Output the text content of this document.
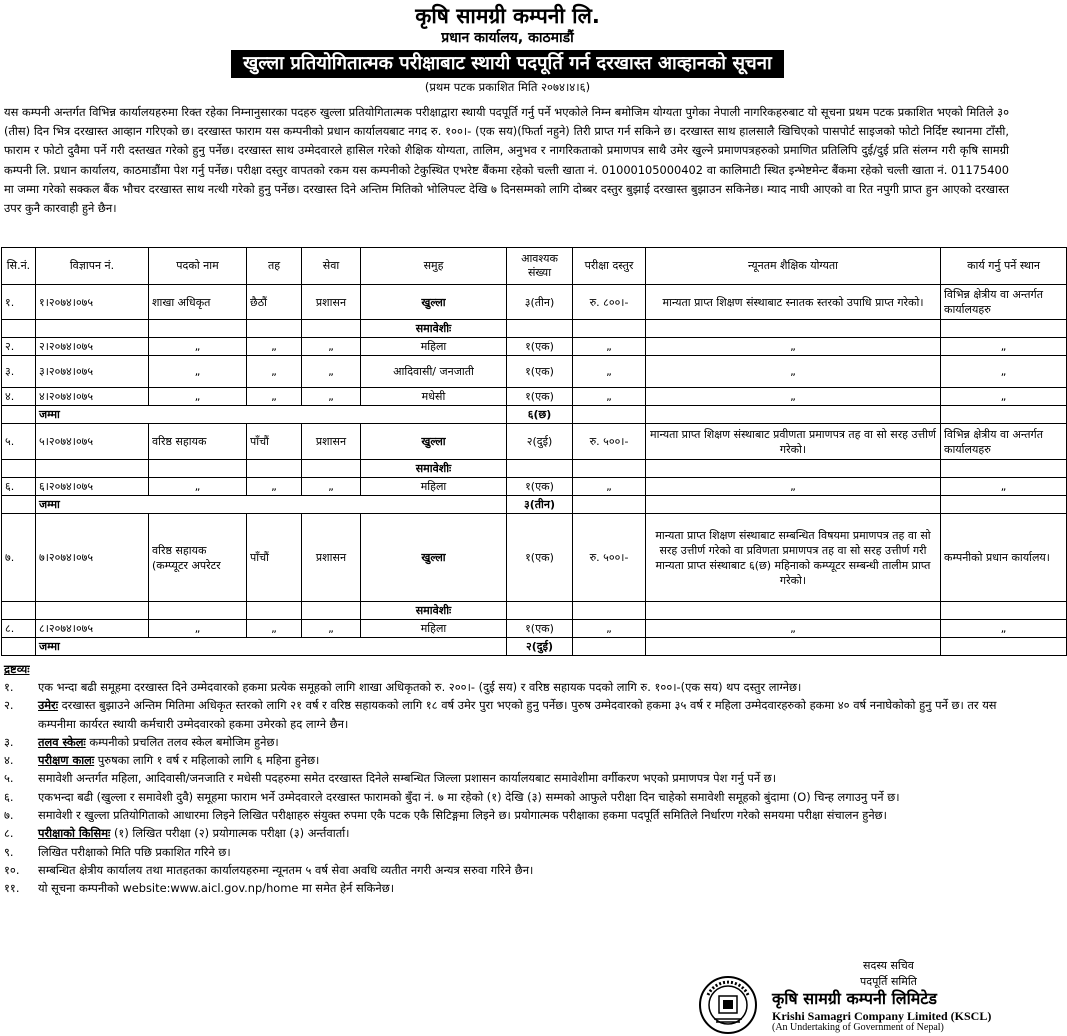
कृषि सामग्री कम्पनी लि.
प्रधान कार्यालय, काठमाडौं
खुल्ला प्रतियोगितात्मक परीक्षाबाट स्थायी पदपूर्ति गर्न दरखास्त आव्हानको सूचना
(प्रथम पटक प्रकाशित मिति २०७४।४।६)
यस कम्पनी अन्तर्गत विभिन्न कार्यालयहरुमा रिक्त रहेका निम्नानुसारका पदहरु खुल्ला प्रतियोगितात्मक परीक्षाद्वारा स्थायी पदपूर्ति गर्नु पर्ने भएकोले निम्न बमोजिम योग्यता पुगेका नेपाली नागरिकहरुबाट यो सूचना प्रथम पटक प्रकाशित भएको मितिले ३० (तीस) दिन भित्र दरखास्त आव्हान गरिएको छ। दरखास्त फाराम यस कम्पनीको प्रधान कार्यालयबाट नगद रु. १००।- (एक सय)(फिर्ता नहुने) तिरी प्राप्त गर्न सकिने छ। दरखास्त साथ हालसालै खिचिएको पासपोर्ट साइजको फोटो निर्दिष्ट स्थानमा टाँसी, फाराम र फोटो दुवैमा पर्ने गरी दस्तखत गरेको हुनु पर्नेछ। दरखास्त साथ उम्मेदवारले हासिल गरेको शैक्षिक योग्यता, तालिम, अनुभव र नागरिकताको प्रमाणपत्र साथै उमेर खुल्ने प्रमाणपत्रहरुको प्रमाणित प्रतिलिपि दुई/दुई प्रति संलग्न गरी कृषि सामग्री कम्पनी लि. प्रधान कार्यालय, काठमाडौंमा पेश गर्नु पर्नेछ। परीक्षा दस्तुर वापतको रकम यस कम्पनीको टेकुस्थित एभरेष्ट बैंकमा रहेको चल्ती खाता नं. 01000105000402 वा कालिमाटी स्थित इन्भेष्टमेन्ट बैंकमा रहेको चल्ती खाता नं. 01175400 मा जम्मा गरेको सक्कल बैंक भौचर दरखास्त साथ नत्थी गरेको हुनु पर्नेछ। दरखास्त दिने अन्तिम मितिको भोलिपल्ट देखि ७ दिनसम्मको लागि दोब्बर दस्तुर बुझाई दरखास्त बुझाउन सकिनेछ। म्याद नाघी आएको वा रित नपुगी प्राप्त हुन आएको दरखास्त उपर कुनै कारवाही हुने छैन।
सि.नं.	विज्ञापन नं.	पदको नाम	तह	सेवा	समुह	आवश्यक संख्या	परीक्षा दस्तुर	न्यूनतम शैक्षिक योग्यता	कार्य गर्नु पर्ने स्थान
१.	१।२०७४।०७५	शाखा अधिकृत	छैठौं	प्रशासन	खुल्ला	३(तीन)	रु. ८००।-	मान्यता प्राप्त शिक्षण संस्थाबाट स्नातक स्तरको उपाधि प्राप्त गरेको।	विभिन्न क्षेत्रीय वा अन्तर्गत कार्यालयहरु
					समावेशीः				
२.	२।२०७४।०७५	„	„	„	महिला	१(एक)	„	„	„
३.	३।२०७४।०७५	„	„	„	आदिवासी/ जनजाती	१(एक)	„	„	„
४.	४।२०७४।०७५	„	„	„	मधेसी	१(एक)	„	„	„
	जम्मा					६(छ)			
५.	५।२०७४।०७५	वरिष्ठ सहायक	पाँचौं	प्रशासन	खुल्ला	२(दुई)	रु. ५००।-	मान्यता प्राप्त शिक्षण संस्थाबाट प्रवीणता प्रमाणपत्र तह वा सो सरह उत्तीर्ण गरेको।	विभिन्न क्षेत्रीय वा अन्तर्गत कार्यालयहरु
					समावेशीः				
६.	६।२०७४।०७५	„	„	„	महिला	१(एक)	„	„	„
	जम्मा					३(तीन)			
७.	७।२०७४।०७५	वरिष्ठ सहायक (कम्प्यूटर अपरेटर	पाँचौं	प्रशासन	खुल्ला	१(एक)	रु. ५००।-	मान्यता प्राप्त शिक्षण संस्थाबाट सम्बन्धित विषयमा प्रमाणपत्र तह वा सो सरह उत्तीर्ण गरेको वा प्रविणता प्रमाणपत्र तह वा सो सरह उत्तीर्ण गरी मान्यता प्राप्त संस्थाबाट ६(छ) महिनाको कम्प्यूटर सम्बन्धी तालीम प्राप्त गरेको।	कम्पनीको प्रधान कार्यालय।
					समावेशीः				
८.	८।२०७४।०७५	„	„	„	महिला	१(एक)	„	„	„
	जम्मा					२(दुई)			
द्रष्टव्यः
१.	एक भन्दा बढी समूहमा दरखास्त दिने उम्मेदवारको हकमा प्रत्येक समूहको लागि शाखा अधिकृतको रु. २००।- (दुई सय) र वरिष्ठ सहायक पदको लागि रु. १००।-(एक सय) थप दस्तुर लाग्नेछ।
२.	उमेरः दरखास्त बुझाउने अन्तिम मितिमा अधिकृत स्तरको लागि २१ वर्ष र वरिष्ठ सहायकको लागि १८ वर्ष उमेर पुरा भएको हुनु पर्नेछ। पुरुष उम्मेदवारको हकमा ३५ वर्ष र महिला उम्मेदवारहरुको हकमा ४० वर्ष ननाघेकोको हुनु पर्ने छ। तर यस कम्पनीमा कार्यरत स्थायी कर्मचारी उम्मेदवारको हकमा उमेरको हद लाग्ने छैन।
३.	तलव स्केलः कम्पनीको प्रचलित तलव स्केल बमोजिम हुनेछ।
४.	परीक्षण कालः पुरुषका लागि १ वर्ष र महिलाको लागि ६ महिना हुनेछ।
५.	समावेशी अन्तर्गत महिला, आदिवासी/जनजाति र मधेसी पदहरुमा समेत दरखास्त दिनेले सम्बन्धित जिल्ला प्रशासन कार्यालयबाट समावेशीमा वर्गीकरण भएको प्रमाणपत्र पेश गर्नु पर्ने छ।
६.	एकभन्दा बढी (खुल्ला र समावेशी दुवै) समूहमा फाराम भर्ने उम्मेदवारले दरखास्त फारामको बुँदा नं. ७ मा रहेको (१) देखि (३) सम्मको आफुले परीक्षा दिन चाहेको समावेशी समूहको बुंदामा (O) चिन्ह लगाउनु पर्ने छ।
७.	समावेशी र खुल्ला प्रतियोगिताको आधारमा लिइने लिखित परीक्षाहरु संयुक्त रुपमा एकै पटक एकै सिटिङ्गमा लिइने छ। प्रयोगात्मक परीक्षाका हकमा पदपूर्ति समितिले निर्धारण गरेको समयमा परीक्षा संचालन हुनेछ।
८.	परीक्षाको किसिमः (१) लिखित परीक्षा (२) प्रयोगात्मक परीक्षा (३) अर्न्तवार्ता।
९.	लिखित परीक्षाको मिति पछि प्रकाशित गरिने छ।
१०.	सम्बन्धित क्षेत्रीय कार्यालय तथा मातहतका कार्यालयहरुमा न्यूनतम ५ वर्ष सेवा अवधि व्यतीत नगरी अन्यत्र सरुवा गरिने छैन।
११.	यो सूचना कम्पनीको website:www.aicl.gov.np/home मा समेत हेर्न सकिनेछ।
सदस्य सचिव
पदपूर्ति समिति
कृषि सामग्री कम्पनी लिमिटेड
Krishi Samagri Company Limited (KSCL)
(An Undertaking of Government of Nepal)
